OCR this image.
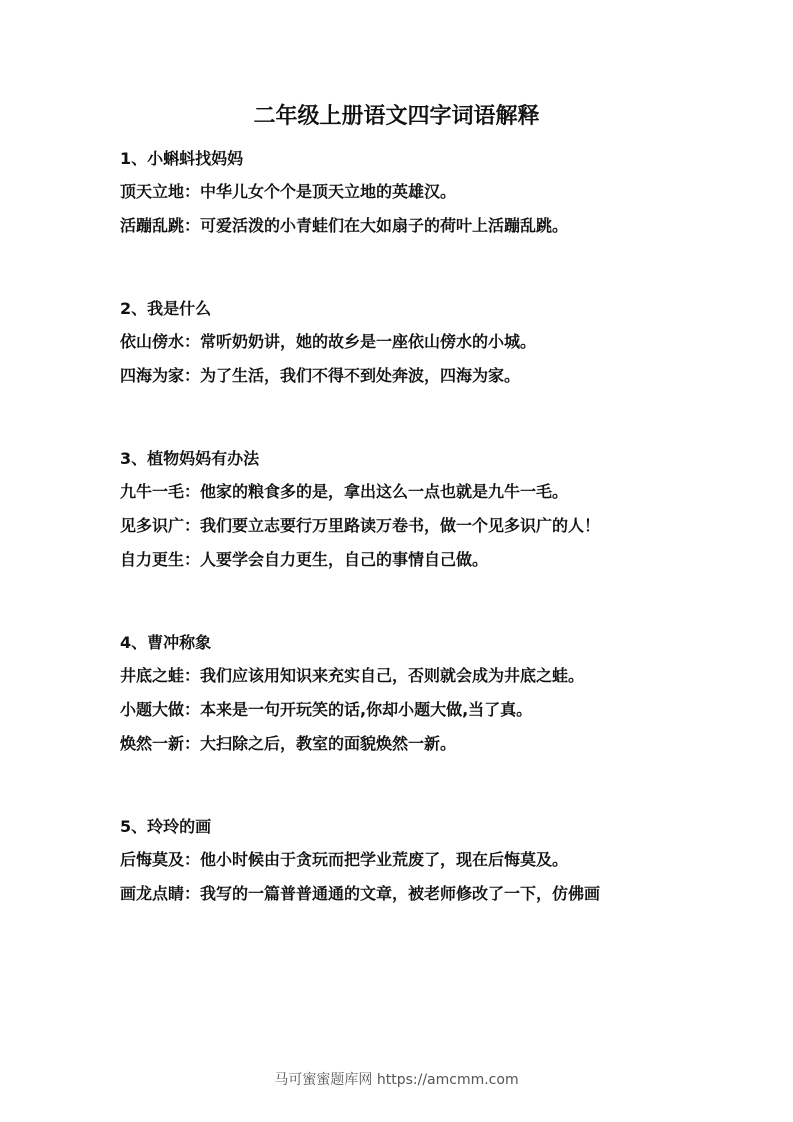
二年级上册语文四字词语解释
1、小蝌蚪找妈妈
顶天立地：中华儿女个个是顶天立地的英雄汉。
活蹦乱跳：可爱活泼的小青蛙们在大如扇子的荷叶上活蹦乱跳。
2、我是什么
依山傍水：常听奶奶讲，她的故乡是一座依山傍水的小城。
四海为家：为了生活，我们不得不到处奔波，四海为家。
3、植物妈妈有办法
九牛一毛：他家的粮食多的是，拿出这么一点也就是九牛一毛。
见多识广：我们要立志要行万里路读万卷书，做一个见多识广的人！
自力更生：人要学会自力更生，自己的事情自己做。
4、曹冲称象
井底之蛙：我们应该用知识来充实自己，否则就会成为井底之蛙。
小题大做：本来是一句开玩笑的话,你却小题大做,当了真。
焕然一新：大扫除之后，教室的面貌焕然一新。
5、玲玲的画
后悔莫及：他小时候由于贪玩而把学业荒废了，现在后悔莫及。
画龙点睛：我写的一篇普普通通的文章，被老师修改了一下，仿佛画
马可蜜蜜题库网 https://amcmm.com
